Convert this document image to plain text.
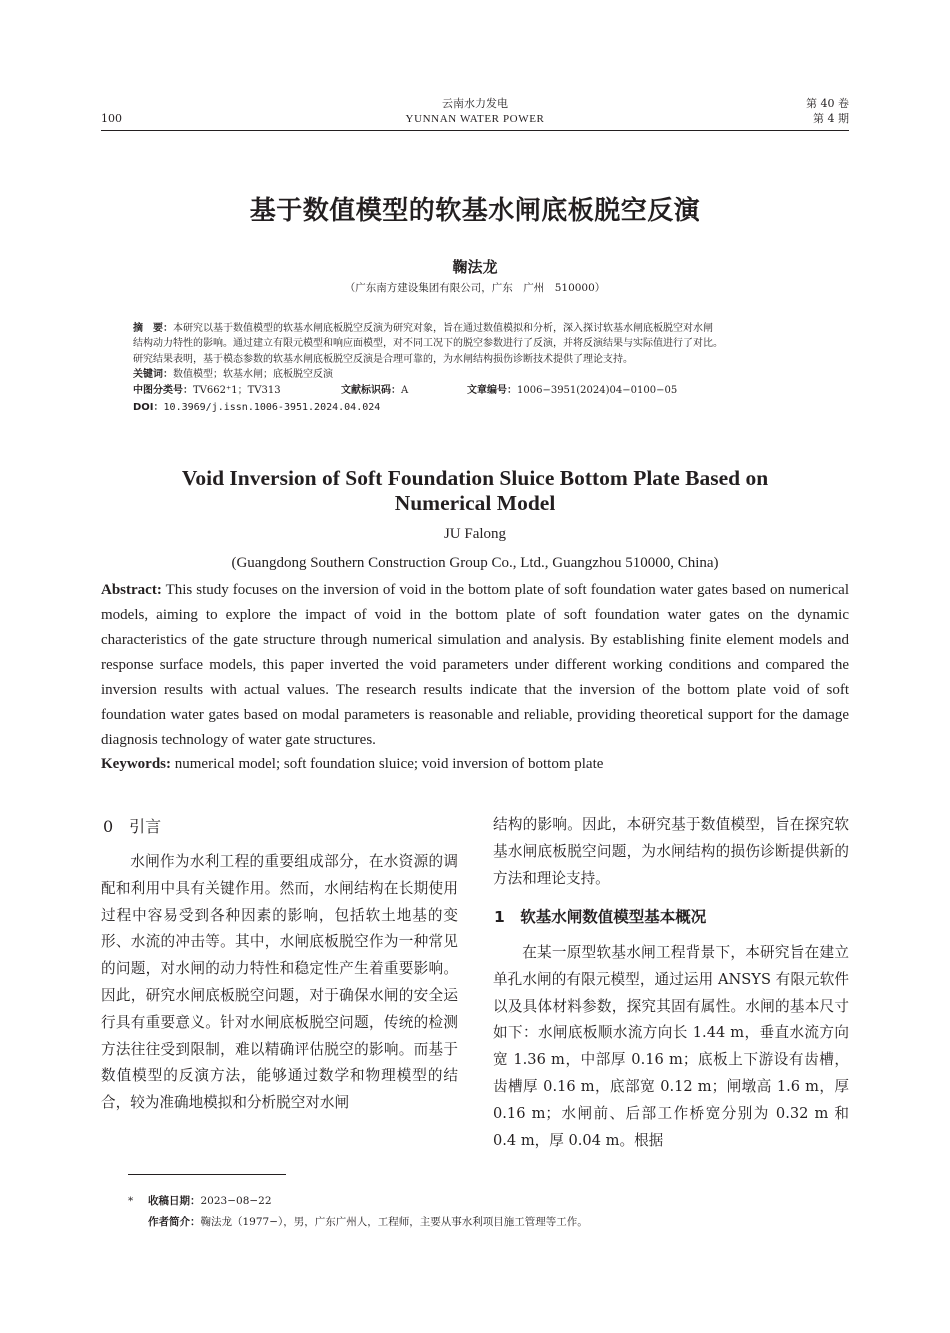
100
云南水力发电
YUNNAN WATER POWER
第 40 卷
第 4 期
基于数值模型的软基水闸底板脱空反演
鞠法龙
（广东南方建设集团有限公司，广东　广州　510000）
摘　要：本研究以基于数值模型的软基水闸底板脱空反演为研究对象，旨在通过数值模拟和分析，深入探讨软基水闸底板脱空对水闸
结构动力特性的影响。通过建立有限元模型和响应面模型，对不同工况下的脱空参数进行了反演，并将反演结果与实际值进行了对比。
研究结果表明，基于模态参数的软基水闸底板脱空反演是合理可靠的，为水闸结构损伤诊断技术提供了理论支持。
关键词：数值模型；软基水闸；底板脱空反演
中图分类号：TV662⁺1；TV313	文献标识码：A	文章编号：1006−3951(2024)04−0100−05
DOI：10.3969/j.issn.1006-3951.2024.04.024
Void Inversion of Soft Foundation Sluice Bottom Plate Based on
Numerical Model
JU Falong
(Guangdong Southern Construction Group Co., Ltd., Guangzhou 510000, China)
Abstract: This study focuses on the inversion of void in the bottom plate of soft foundation water gates based on numerical models, aiming to explore the impact of void in the bottom plate of soft foundation water gates on the dynamic characteristics of the gate structure through numerical simulation and analysis. By establishing finite element models and response surface models, this paper inverted the void parameters under different working conditions and compared the inversion results with actual values. The research results indicate that the inversion of the bottom plate void of soft foundation water gates based on modal parameters is reasonable and reliable, providing theoretical support for the damage diagnosis technology of water gate structures.
Keywords: numerical model; soft foundation sluice; void inversion of bottom plate
0　引言

水闸作为水利工程的重要组成部分，在水资源的调配和利用中具有关键作用。然而，水闸结构在长期使用过程中容易受到各种因素的影响，包括软土地基的变形、水流的冲击等。其中，水闸底板脱空作为一种常见的问题，对水闸的动力特性和稳定性产生着重要影响。因此，研究水闸底板脱空问题，对于确保水闸的安全运行具有重要意义。针对水闸底板脱空问题，传统的检测方法往往受到限制，难以精确评估脱空的影响。而基于数值模型的反演方法，能够通过数学和物理模型的结合，较为准确地模拟和分析脱空对水闸

结构的影响。因此，本研究基于数值模型，旨在探究软基水闸底板脱空问题，为水闸结构的损伤诊断提供新的方法和理论支持。

1　软基水闸数值模型基本概况

在某一原型软基水闸工程背景下，本研究旨在建立单孔水闸的有限元模型，通过运用 ANSYS 有限元软件以及具体材料参数，探究其固有属性。水闸的基本尺寸如下：水闸底板顺水流方向长 1.44 m，垂直水流方向宽 1.36 m，中部厚 0.16 m；底板上下游设有齿槽，齿槽厚 0.16 m，底部宽 0.12 m；闸墩高 1.6 m，厚 0.16 m；水闸前、后部工作桥宽分别为 0.32 m 和 0.4 m，厚 0.04 m。根据

* 收稿日期：2023−08−22
作者简介：鞠法龙（1977−），男，广东广州人，工程师，主要从事水利项目施工管理等工作。
